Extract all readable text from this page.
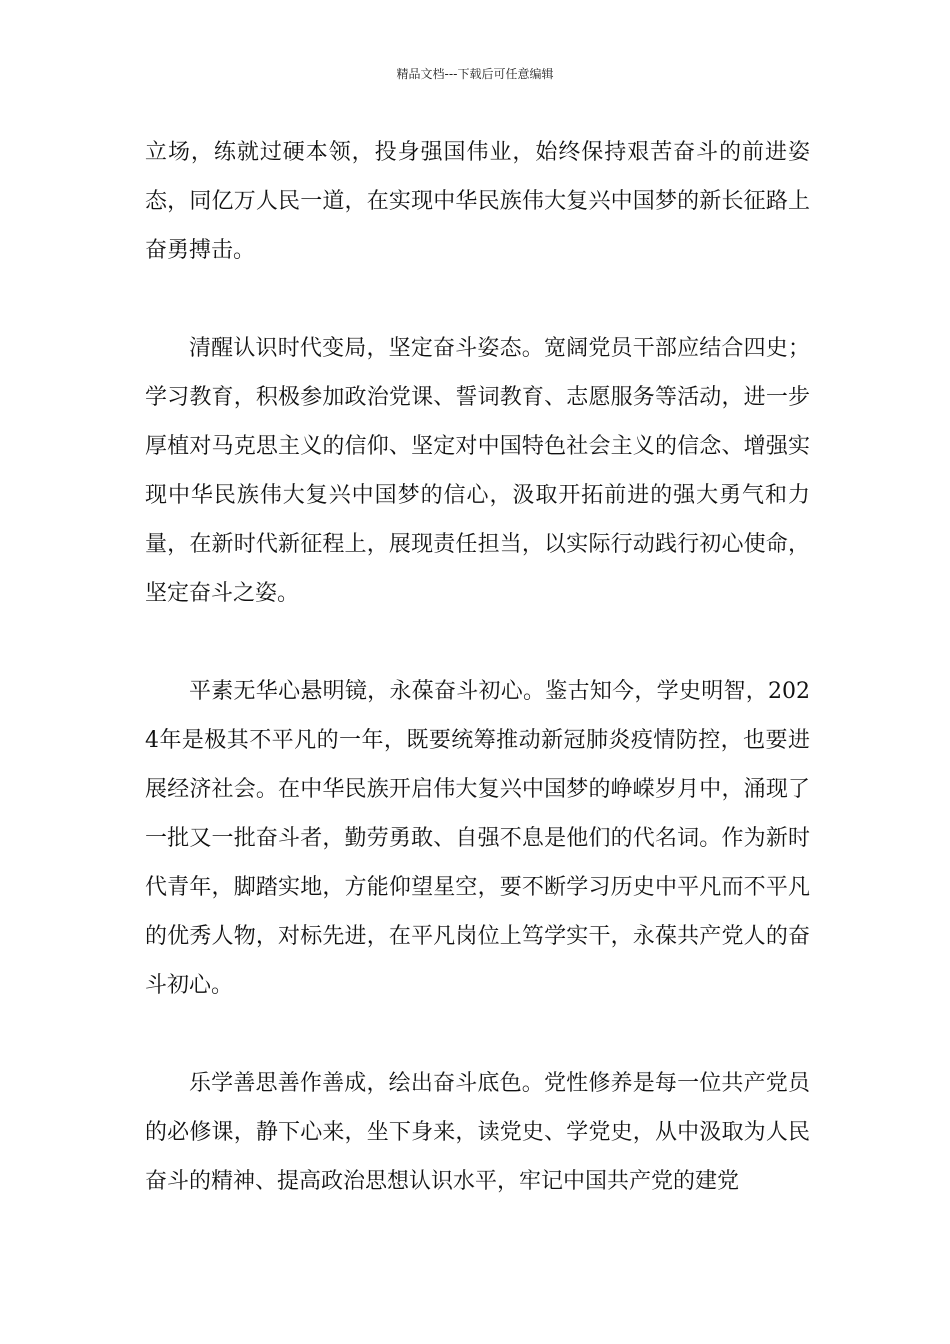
精品文档---下载后可任意编辑

立场，练就过硬本领，投身强国伟业，始终保持艰苦奋斗的前进姿态，同亿万人民一道，在实现中华民族伟大复兴中国梦的新长征路上奋勇搏击。

清醒认识时代变局，坚定奋斗姿态。宽阔党员干部应结合四史；学习教育，积极参加政治党课、誓词教育、志愿服务等活动，进一步厚植对马克思主义的信仰、坚定对中国特色社会主义的信念、增强实现中华民族伟大复兴中国梦的信心，汲取开拓前进的强大勇气和力量，在新时代新征程上，展现责任担当，以实际行动践行初心使命，坚定奋斗之姿。

平素无华心悬明镜，永葆奋斗初心。鉴古知今，学史明智，2024年是极其不平凡的一年，既要统筹推动新冠肺炎疫情防控，也要进展经济社会。在中华民族开启伟大复兴中国梦的峥嵘岁月中，涌现了一批又一批奋斗者，勤劳勇敢、自强不息是他们的代名词。作为新时代青年，脚踏实地，方能仰望星空，要不断学习历史中平凡而不平凡的优秀人物，对标先进，在平凡岗位上笃学实干，永葆共产党人的奋斗初心。

乐学善思善作善成，绘出奋斗底色。党性修养是每一位共产党员的必修课，静下心来，坐下身来，读党史、学党史，从中汲取为人民奋斗的精神、提高政治思想认识水平，牢记中国共产党的建党
